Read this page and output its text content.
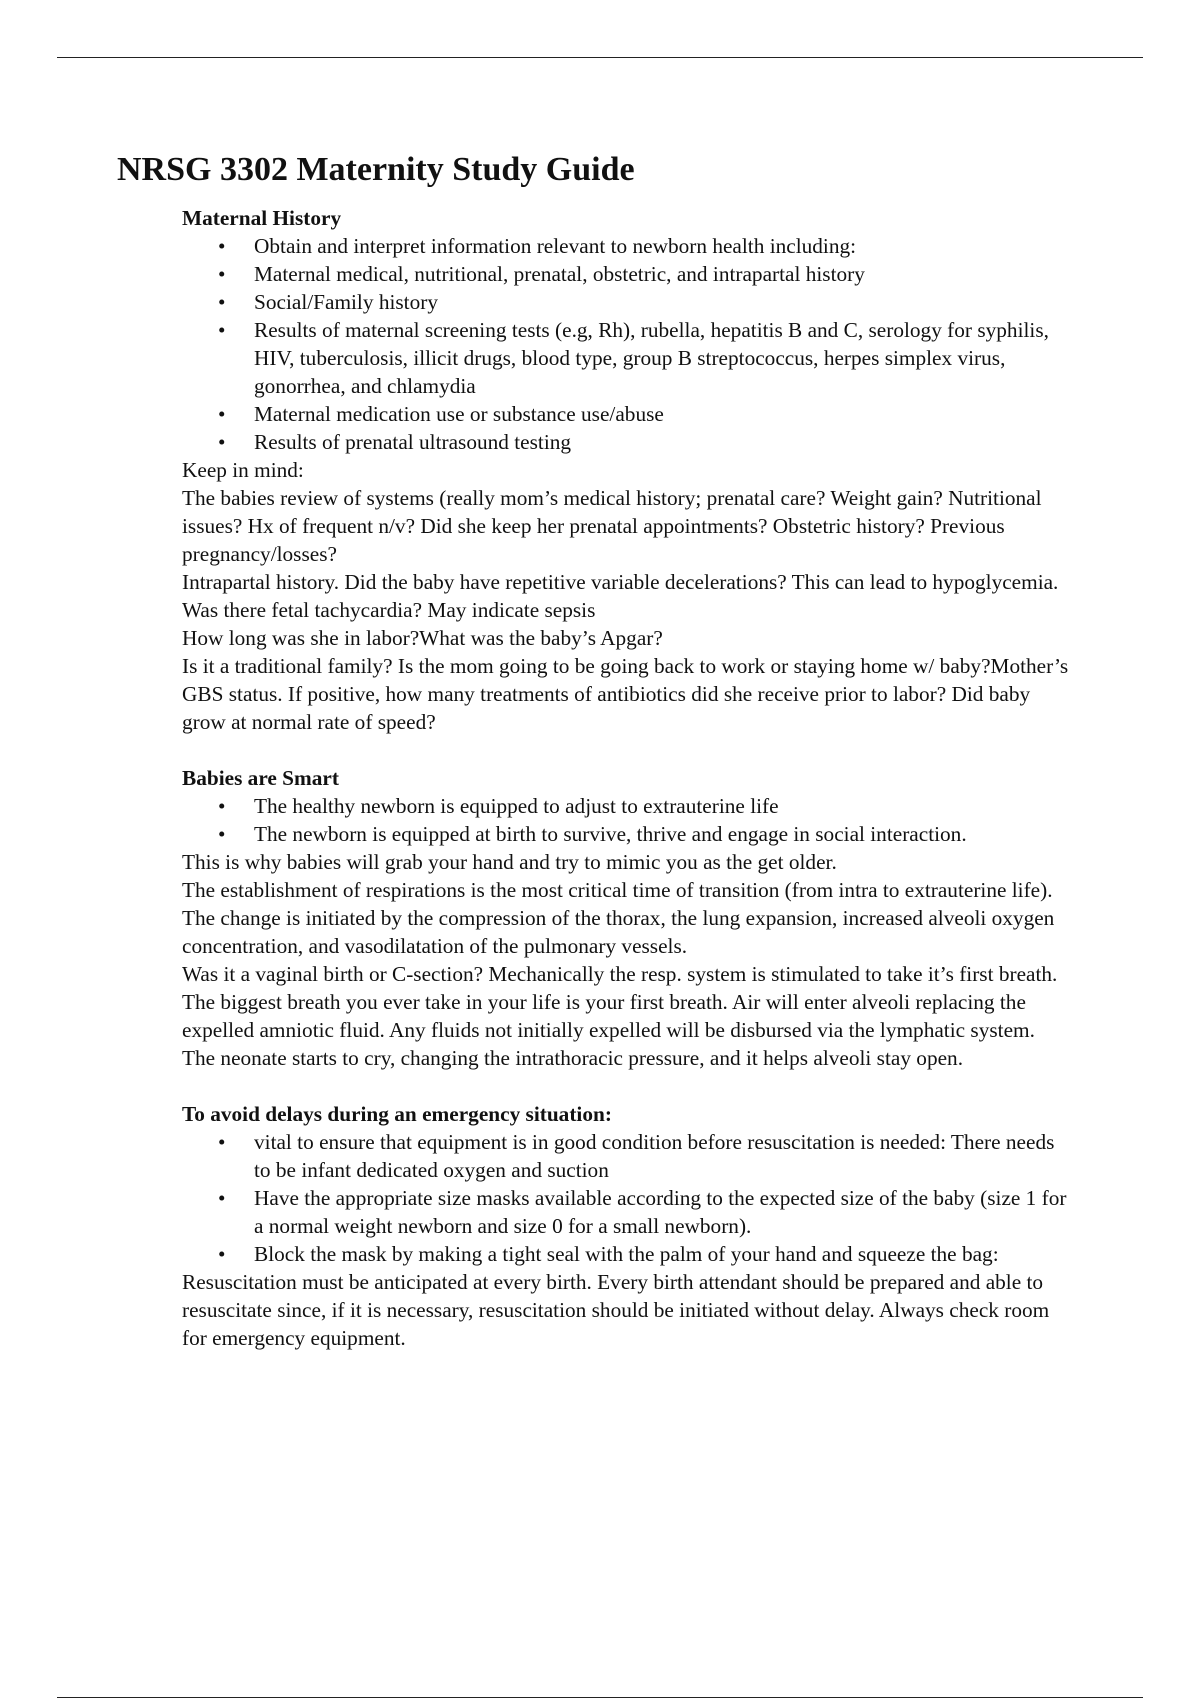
NRSG 3302 Maternity Study Guide
Maternal History
• Obtain and interpret information relevant to newborn health including:
• Maternal medical, nutritional, prenatal, obstetric, and intrapartal history
• Social/Family history
• Results of maternal screening tests (e.g, Rh), rubella, hepatitis B and C, serology for syphilis, HIV, tuberculosis, illicit drugs, blood type, group B streptococcus, herpes simplex virus, gonorrhea, and chlamydia
• Maternal medication use or substance use/abuse
• Results of prenatal ultrasound testing

Keep in mind:

The babies review of systems (really mom’s medical history; prenatal care? Weight gain? Nutritional issues? Hx of frequent n/v? Did she keep her prenatal appointments? Obstetric history? Previous pregnancy/losses?

Intrapartal history. Did the baby have repetitive variable decelerations? This can lead to hypoglycemia. Was there fetal tachycardia? May indicate sepsis

How long was she in labor?What was the baby’s Apgar?

Is it a traditional family? Is the mom going to be going back to work or staying home w/ baby?Mother’s GBS status. If positive, how many treatments of antibiotics did she receive prior to labor? Did baby grow at normal rate of speed?

Babies are Smart
• The healthy newborn is equipped to adjust to extrauterine life
• The newborn is equipped at birth to survive, thrive and engage in social interaction.

This is why babies will grab your hand and try to mimic you as the get older.

The establishment of respirations is the most critical time of transition (from intra to extrauterine life). The change is initiated by the compression of the thorax, the lung expansion, increased alveoli oxygen concentration, and vasodilatation of the pulmonary vessels.

Was it a vaginal birth or C-section? Mechanically the resp. system is stimulated to take it’s first breath. The biggest breath you ever take in your life is your first breath. Air will enter alveoli replacing the expelled amniotic fluid. Any fluids not initially expelled will be disbursed via the lymphatic system. The neonate starts to cry, changing the intrathoracic pressure, and it helps alveoli stay open.

To avoid delays during an emergency situation:
• vital to ensure that equipment is in good condition before resuscitation is needed: There needs to be infant dedicated oxygen and suction
• Have the appropriate size masks available according to the expected size of the baby (size 1 for a normal weight newborn and size 0 for a small newborn).
• Block the mask by making a tight seal with the palm of your hand and squeeze the bag:

Resuscitation must be anticipated at every birth. Every birth attendant should be prepared and able to resuscitate since, if it is necessary, resuscitation should be initiated without delay. Always check room for emergency equipment.
